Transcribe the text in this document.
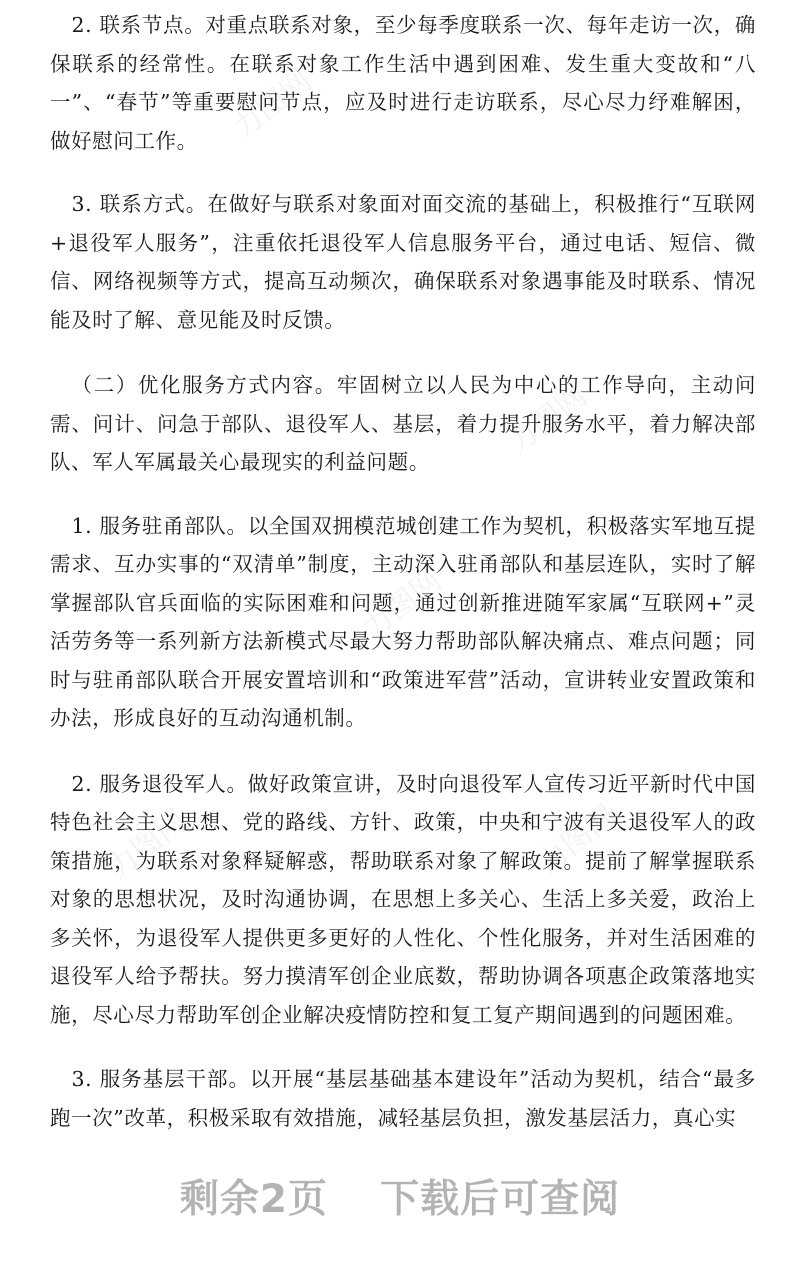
力图网
力图网
力图网	力图网
力图网

2. 联系节点。对重点联系对象，至少每季度联系一次、每年走访一次，确保联系的经常性。在联系对象工作生活中遇到困难、发生重大变故和“八一”、“春节”等重要慰问节点，应及时进行走访联系，尽心尽力纾难解困，做好慰问工作。

3. 联系方式。在做好与联系对象面对面交流的基础上，积极推行“互联网+退役军人服务”，注重依托退役军人信息服务平台，通过电话、短信、微信、网络视频等方式，提高互动频次，确保联系对象遇事能及时联系、情况能及时了解、意见能及时反馈。

（二）优化服务方式内容。牢固树立以人民为中心的工作导向，主动问需、问计、问急于部队、退役军人、基层，着力提升服务水平，着力解决部队、军人军属最关心最现实的利益问题。

1. 服务驻甬部队。以全国双拥模范城创建工作为契机，积极落实军地互提需求、互办实事的“双清单”制度，主动深入驻甬部队和基层连队，实时了解掌握部队官兵面临的实际困难和问题，通过创新推进随军家属“互联网+”灵活劳务等一系列新方法新模式尽最大努力帮助部队解决痛点、难点问题；同时与驻甬部队联合开展安置培训和“政策进军营”活动，宣讲转业安置政策和办法，形成良好的互动沟通机制。

2. 服务退役军人。做好政策宣讲，及时向退役军人宣传习近平新时代中国特色社会主义思想、党的路线、方针、政策，中央和宁波有关退役军人的政策措施，为联系对象释疑解惑，帮助联系对象了解政策。提前了解掌握联系对象的思想状况，及时沟通协调，在思想上多关心、生活上多关爱，政治上多关怀，为退役军人提供更多更好的人性化、个性化服务，并对生活困难的退役军人给予帮扶。努力摸清军创企业底数，帮助协调各项惠企政策落地实施，尽心尽力帮助军创企业解决疫情防控和复工复产期间遇到的问题困难。

3. 服务基层干部。以开展“基层基础基本建设年”活动为契机，结合“最多跑一次”改革，积极采取有效措施，减轻基层负担，激发基层活力，真心实

剩余2页 下载后可查阅
